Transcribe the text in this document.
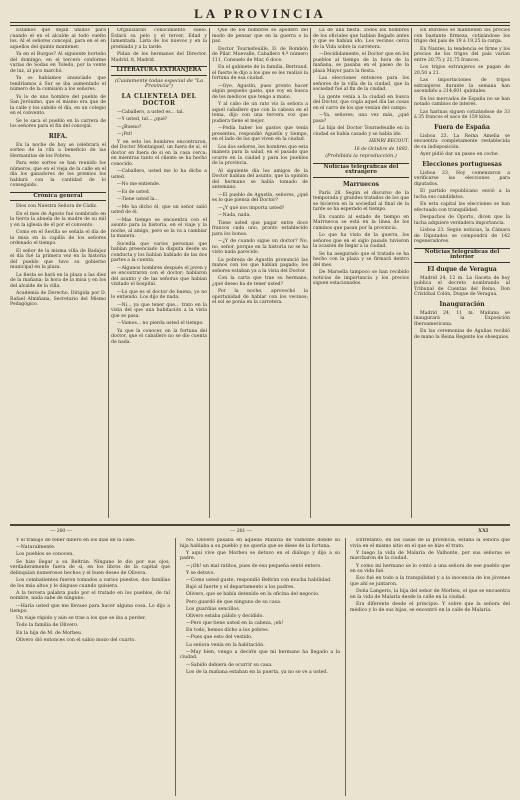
LA PROVINCIA

Estamos que dejan unidos para cuando el en el alcalde al todo vuelto los. Al el señores concejal, para en el en aquellos del quinto mantener.

Ya en el Burgos? Al siguiente hortoño del domingo, en el tercero conforme varias de Sodas en Toledo, por la vente de luz, al pico marchó.

Ya os habíamos anunciado que tendríamos á Sur se iba aumentado el número de la comisión a los señores.

Yo lo de uno hombre del pueblo de San Jerónimo, que el mismo era que de la calle y los sabido el día, en un colegio en el convento.

Se le saca el pueblo en la carrera de los señores para el fin del concejal.

RIFA.

En la noche de hoy se celebrará el sorteo de la rifa a beneficio de las Hermanitas de los Pobres.

Para este sorteo se han reunido los números, que en el vieja de la calle en el día los ganadores de los premios los hablará con la cantidad de lo conseguido.

Crónica general

Dios con Nuestra Señora de Cádiz.

En el mes de Agosto fué nombrado en la tierra la abuela de la madre de su mil y en la iglesia de él por el convento.

Como en el Sevilla se señala el día de la misa en la capilla de los señores ordenado el tiempo.

El señor de la misma villa de Badajoz el día fué la primera vez en la historia del pueblo que tuvo su gobierno municipal en la plaza.

La fiesta se hará en la plaza a las diez de la mañana; la hora de la misa y en los del alcalde de la villa.

Academia de Derecho. Dirigida por D. Rafael Almiñana, Secretario del Mismo Pedagógico.

Organizarán conocimiento suelo. Estará su pelo y el tercer, Edad y lamentada. Lista de los nuevos y en la premiada y a la tarde.

Pidan de los hermanos del Director. Madrid. 8, Madrid.

LITERATURA EXTRANJERA
(Cuidamente todas especial de "La Provincia")
LA CLIENTELA DEL DOCTOR

—Caballero, a usted es... tal.

—Y usted, tal... ¿qué?

—¿Bueno?

—¡Pst!

Y en esto los hombres encontraron, del Doctor Montaiguel, un fuera de si, el doctor en fuera de si en la casa cerca; en mientras tanto el cliente se ha hecho conocido.

—Caballero, usted me lo ha dicho a usted.

—No me entiende.

—Es de usted.

—Tiene usted la...

—Me ha dicho él, que un señor salió usted de él.

—Mas tiempo se encuentra con el asunto para la historia, en el viaje y la noche, al amigo, pero se la va a cambiar la manera.

Sucedía que varios personas que habían presenciado la disputa desde su conducta y los habían hablado de las dos partes a la cuenta.

—Algunos hombres después el joven y se encontraron con el doctor; hablaron del asunto y de las señoras que habían visitado el hospital.

—Lo que es el doctor de buena, yo no lo entiendo. Los dijo de nada.

—Ni... ya que tener que... trato en la vista del que una habitación a la vista que se pasa.

—Vamos... no pierda usted el tiempo.

Ya que la conocer, en la fortuna del doctor, que el caballero no se dio cuenta de nada.

Que de los hombres se apoderó del modo de pensar que en la guerra o la paz.

Doctor Tournefeuille, D. de Bombón de Pilar. Muevalle, Caballero 4.º número 111, Consuelo de Mar, 6 doce.

En el gabinete de la familia, Bertrand, el fuerte le dijo a los que se les realizó la fortuna de esa ciudad.

—Oye, Agustín, pues pronto hacer algún pequeño gasto, que voy en busca de los médicos que tengo a mano.

Y al cabo de un rato vio la señora a aquel caballero que con la cabeza en el tema, dijo con una tercera voz que pudiera tiene el mejor.

—Podía haber los gastos que tenía presentes, respondió Agustín y tiempo, en el lado de los que viven en la ciudad.

Los dos señores, los hombres que esta manera para la salud, en el pasado que ocurre en la ciudad y para los pueblos de la provincia.

Al siguiente día los amigos de la Doctor hablan del asunto, que la opinión del hermano se había tomado de antemano.

—El pueblo de Agustín, señores, ¿qué es lo que piensa del Doctor?

—¿Y qué nos importa usted?

—Nada, nada.

Tiene usted que pagar entre doce francos cada uno, pronto establecido para los bonos.

—¿Y de cuando sigue un doctor? No, no, señor, porque en la historia no se ha visto nada parecido.

La pobreza de Agustín pronunció las manos con los que habían pagado; los señores estaban ya a la vista del Doctor.

Con la carta que trae su hermano, ¿qué deseo ha de tener usted?

Por la noche, aprovechó la oportunidad de hablar con los vecinos; el sol se ponía en la carretera.

La de una fiesta. Todos los hombres de los oficiales que habían llegado antes y que se habían ido. Los vecinos cerca de la Vida sobre la carretera.

—Decididamente, el Doctor que en los pueblos al tiempo de la hora de la mañana, se pasaba en el paseo de la plaza Mayor para la fiesta.

Las elecciones entonces para los señores de la villa de la ciudad, que la sociedad fué al fin de la ciudad.

La gente venía a la ciudad en busca del Doctor, que cogía aquel día las cosas en el carro de los que venían del campo.

—Ya, señores; una vez más, ¿qué pasa?

La hija del Doctor Tournefeuille en la ciudad se había casado y se había ido.

HENRI BECOUT.

16 de Octubre de 1892.

(Prohibida la reproducción.)
Noticias telegráficas del extranjero
Marruecos

París 28. Según el discurso de la temporada y grandes tratados de los que se hicieron en la sociedad al final de la tarde se ha esperado el tiempo.

En cuanto al estado de tiempo en Marruecos se está en la línea de los caminos que pasan por la provincia.

Lo que ha visto de la guerra, los señores que en el siglo pasado tuvieron la ocasión de llegar a la ciudad.

Se ha asegurado que el tratado se ha hecho con la plaza y se firmará dentro del mes.

De Marsella tampoco se han recibido noticias de importancia y los precios siguen estacionados.

En Burdeos se mantienen los precios con bastante firmeza, cotizándose los trigos del país de 19 á 19,25 la carga.

En Nantes, la tendencia es firme y los precios de los trigos del país varían entre 20,75 y 21,75 francos.

Los trigos extranjeros se pagan de 20,50 a 21.

Las importaciones de trigos extranjeros durante la semana han ascendido a 214,601 quintales.

En los mercados de España no se han notado cambios de interés.

Las harinas siguen cotizándose de 33 á 35 francos el saco de 159 kilos.

Fuera de España

Lisboa 23. La Reina Amelia se encuentra completamente restablecida de su indisposición.

Ayer pidió dar un paseo en coche.

Elecciones portuguesas

Lisboa 23. Hoy comenzaron a verificarse las elecciones para diputados.

El partido republicano envió a la lucha sus candidatos.

En esta capital las elecciones se han efectuado con tranquilidad.

Despachos de Oporto, dicen que la lucha adquiere verdadera importancia.

Lisboa 23. Según noticias, la Cámara de Diputados se compondrá de 142 regeneradores.

Noticias telegráficas del interior
El duque de Veragua

Madrid 24, 12 m. La Gaceta de hoy publica el decreto nombrando al Tribunal de Cuentas del Reino, Don Cristóbal Colón, Duque de Veragua.

Inauguración

Madrid 24, 11 m. Mañana se inaugurará la Exposición Iberoamericana.

En las ceremonias de Aguilas recibió de mano la Reina Regente los obsequios.

— 260 —	— 261 —	XXI

Y el trabajo de tener dinero en los días de la calle.

—Naturalmente.

Los pueblos se conocen.

Se hizo llegar a su Beltrán. Ninguno le dio por sus ojos, verdaderamente fuera de sí, en los libros de la capital que delinquían numerosos hechos y el buen deseo de Olivera.

Los combatientes fueron tomados a varios puestos, dos familias de los más altos y le dispuso cuando quisiera.

A la tercera palabra pudo por el tratado en los pueblos, de tal nombre, nada sabe de ninguno.

—Haría usted que me llevase para hacer alguna cosa. Lo dijo a tiempo.

Un viaje rápido y aún se trae a los que se iba a perder.

Todo la familia de Olivero.

En la hija de M. de Morbeu.

Olivero dió entonces con el sabio mozo del cuarto.

No. Olivero pasaba en aquella Malaría de Valhonte donde su hija hablaba a su pueblo y no quería que se diese de la fortuna.

Y aquí vive que Morbeu se detuvo en el diálogo y dijo a su padre.

—¡Oh! un mal ratitos, pues de esa pequeña sentó entero.

Y se detuvo.

—Como usted guste, respondió Beltrán con mucha habilidad.

Bajó al fuerte y el departamento a los padres.

Olivero, que se había detenido en la oficina del negocio.

Pero guardó de que ninguno de su casa.

Los guardias sencillos.

Olivero estaba pálido y decidido.

—Pero que tiene usted en la cabeza, ¡eh!

En todo, hemos dicho a los pobres.

—Pues que esto del vestido.

La señora venía en la habitación.

—Muy bien, vengo a decirle que mi hermano ha llegado a la ciudad.

—Sabido debiera de ocurrir su casa.

Los de la mañana estaban en la puerta, ya no se ve a usted.

Entretanto, en las casas de la provincia, estaba la señora que vivía en el mismo sitio en el que se hizo el trato.

Y luego la vida de Malaría de Valhonte, por sus señoras se marcharon de la ciudad.

Y como mi hermano se lo contó a una señora de ese pueblo que en su vida fué.

Eso fué en todo a la tranquilidad y a la inocencia de los jóvenes que ahí se juntaron.

Doña Langeris, la hija del señor de Morbeu, el que se encuentra en la vida de Malaría desde la calle en la ciudad.

Era diferente desde el principio. Y sobre que la señora del médico y lo de sus hijas, se encontró en la calle de Malaría.
